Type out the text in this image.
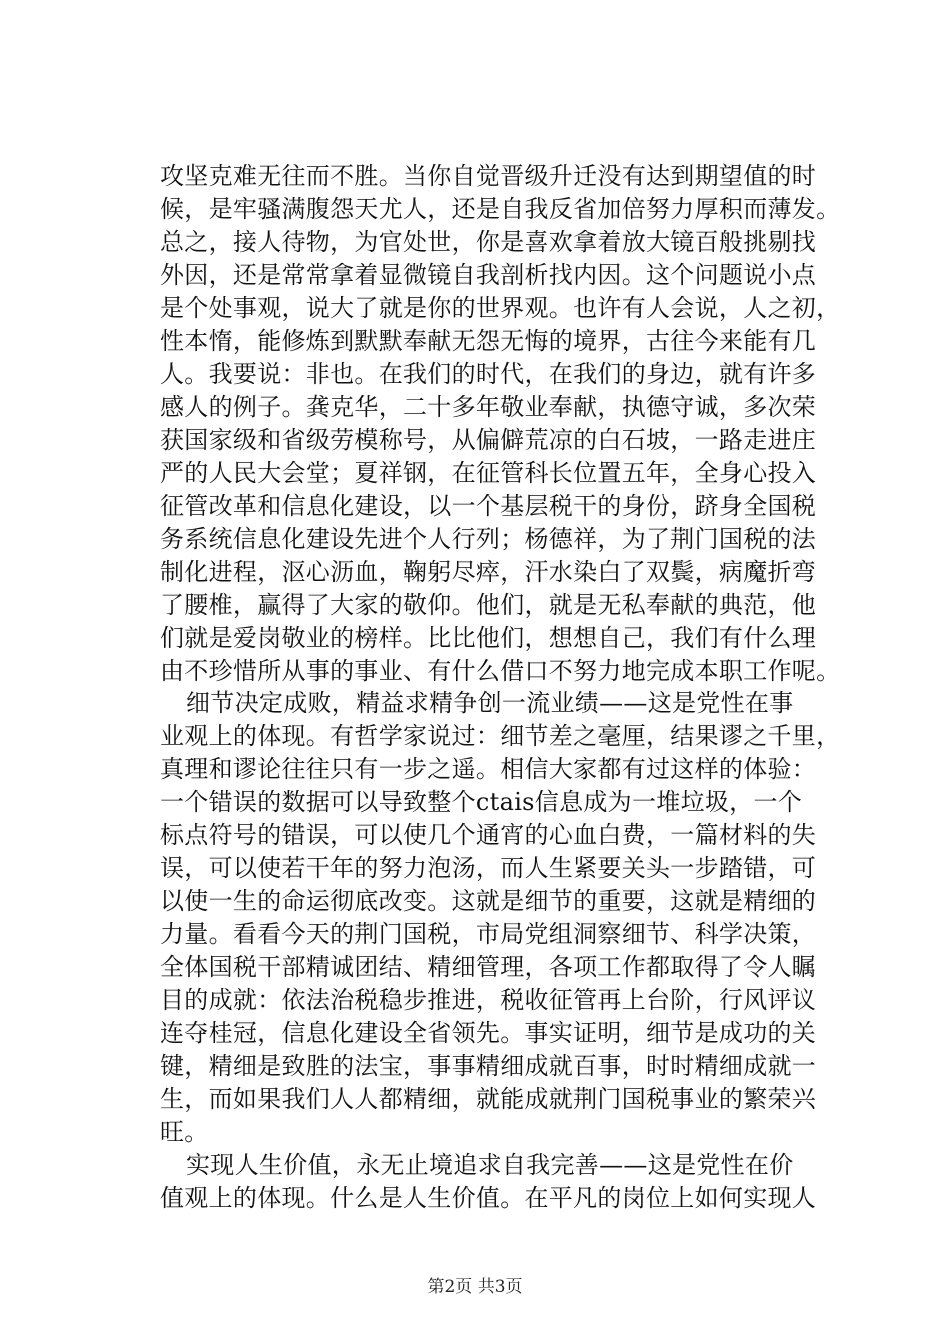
攻坚克难无往而不胜。当你自觉晋级升迁没有达到期望值的时
候，是牢骚满腹怨天尤人，还是自我反省加倍努力厚积而薄发。
总之，接人待物，为官处世，你是喜欢拿着放大镜百般挑剔找
外因，还是常常拿着显微镜自我剖析找内因。这个问题说小点
是个处事观，说大了就是你的世界观。也许有人会说，人之初，
性本惰，能修炼到默默奉献无怨无悔的境界，古往今来能有几
人。我要说：非也。在我们的时代，在我们的身边，就有许多
感人的例子。龚克华，二十多年敬业奉献，执德守诚，多次荣
获国家级和省级劳模称号，从偏僻荒凉的白石坡，一路走进庄
严的人民大会堂；夏祥钢，在征管科长位置五年，全身心投入
征管改革和信息化建设，以一个基层税干的身份，跻身全国税
务系统信息化建设先进个人行列；杨德祥，为了荆门国税的法
制化进程，沤心沥血，鞠躬尽瘁，汗水染白了双鬓，病魔折弯
了腰椎，赢得了大家的敬仰。他们，就是无私奉献的典范，他
们就是爱岗敬业的榜样。比比他们，想想自己，我们有什么理
由不珍惜所从事的事业、有什么借口不努力地完成本职工作呢。
细节决定成败，精益求精争创一流业绩——这是党性在事
业观上的体现。有哲学家说过：细节差之毫厘，结果谬之千里，
真理和谬论往往只有一步之遥。相信大家都有过这样的体验：
一个错误的数据可以导致整个ctais信息成为一堆垃圾，一个
标点符号的错误，可以使几个通宵的心血白费，一篇材料的失
误，可以使若干年的努力泡汤，而人生紧要关头一步踏错，可
以使一生的命运彻底改变。这就是细节的重要，这就是精细的
力量。看看今天的荆门国税，市局党组洞察细节、科学决策，
全体国税干部精诚团结、精细管理，各项工作都取得了令人瞩
目的成就：依法治税稳步推进，税收征管再上台阶，行风评议
连夺桂冠，信息化建设全省领先。事实证明，细节是成功的关
键，精细是致胜的法宝，事事精细成就百事，时时精细成就一
生，而如果我们人人都精细，就能成就荆门国税事业的繁荣兴
旺。
实现人生价值，永无止境追求自我完善——这是党性在价
值观上的体现。什么是人生价值。在平凡的岗位上如何实现人
第2页 共3页
